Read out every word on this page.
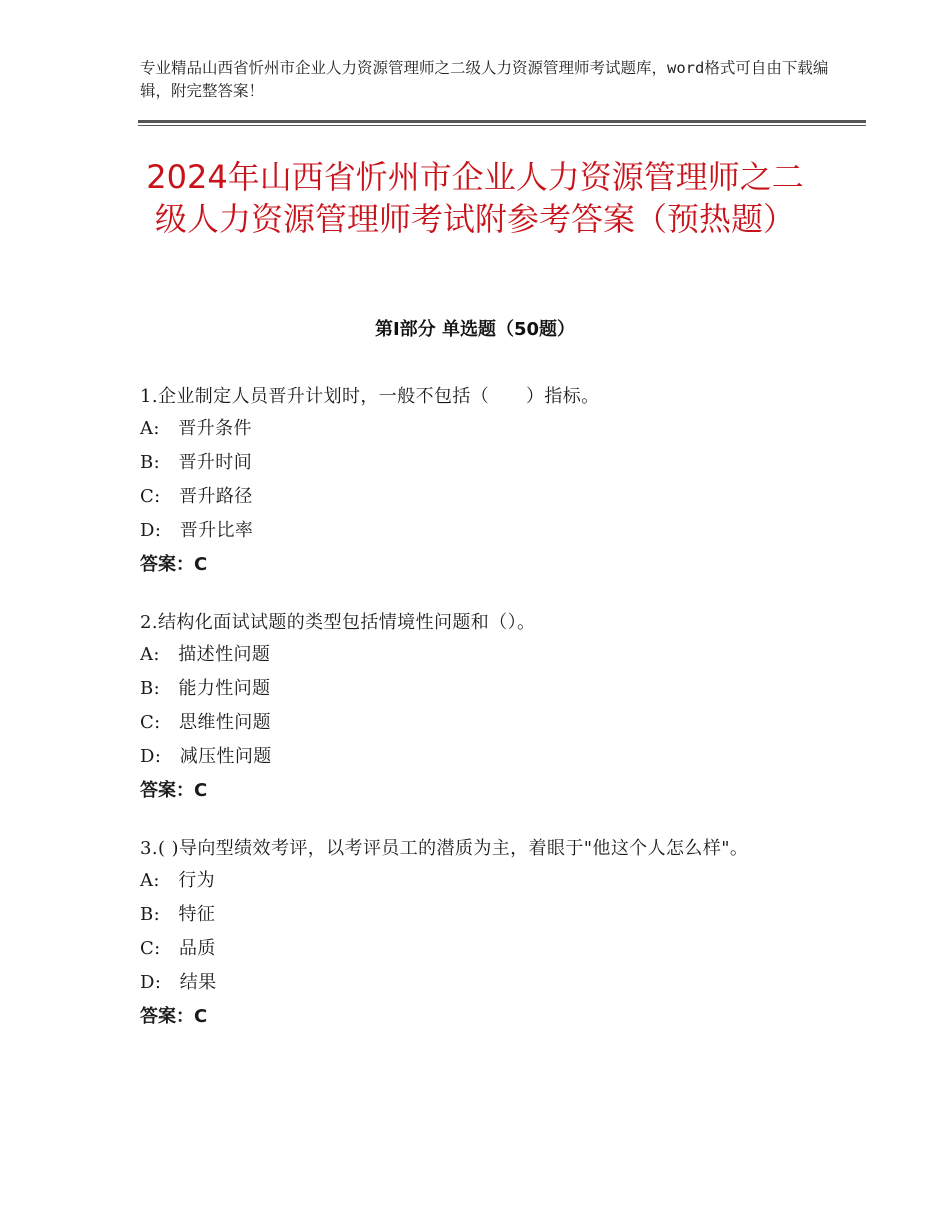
专业精品山西省忻州市企业人力资源管理师之二级人力资源管理师考试题库，word格式可自由下载编辑，附完整答案！
2024年山西省忻州市企业人力资源管理师之二级人力资源管理师考试附参考答案（预热题）
第Ⅰ部分 单选题（50题）
1.企业制定人员晋升计划时，一般不包括（　　）指标。
A:　晋升条件
B:　晋升时间
C:　晋升路径
D:　晋升比率
答案：C
2.结构化面试试题的类型包括情境性问题和（）。
A:　描述性问题
B:　能力性问题
C:　思维性问题
D:　减压性问题
答案：C
3.( )导向型绩效考评，以考评员工的潜质为主，着眼于"他这个人怎么样"。
A:　行为
B:　特征
C:　品质
D:　结果
答案：C
